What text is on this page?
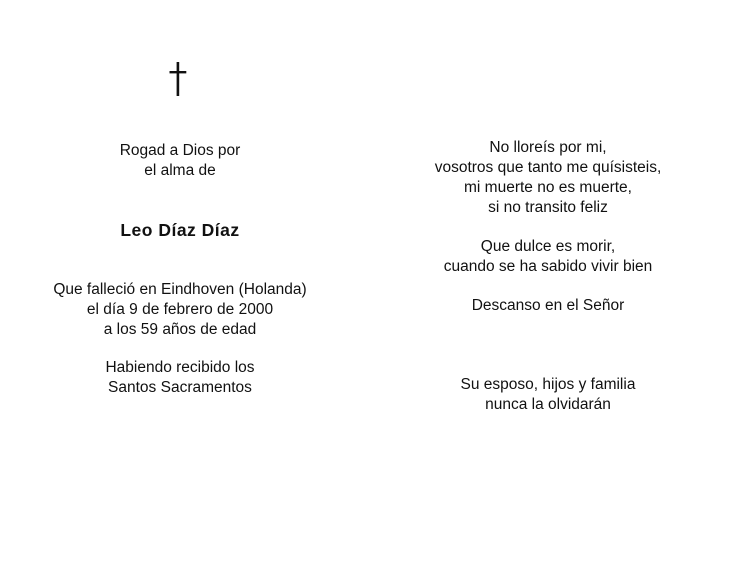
Rogad a Dios por
el alma de
Leo Díaz Díaz
Que falleció en Eindhoven (Holanda)
el día 9 de febrero de 2000
a los 59 años de edad
Habiendo recibido los
Santos Sacramentos
No lloreís por mi,
vosotros que tanto me quísisteis,
mi muerte no es muerte,
si no transito feliz
Que dulce es morir,
cuando se ha sabido vivir bien
Descanso en el Señor
Su esposo, hijos y familia
nunca la olvidarán
